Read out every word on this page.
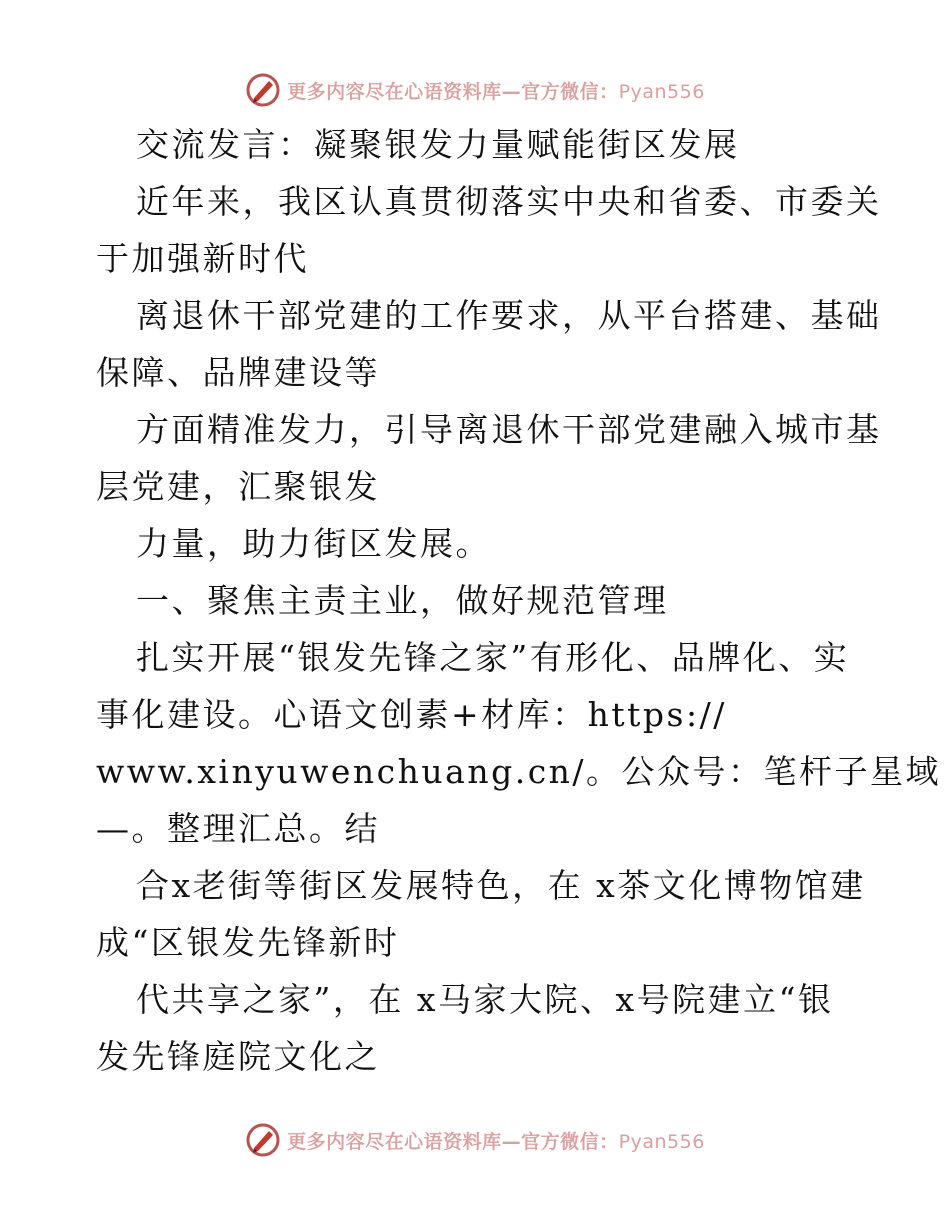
更多内容尽在心语资料库—官方微信：Pyan556
交流发言：凝聚银发力量赋能街区发展
近年来，我区认真贯彻落实中央和省委、市委关
于加强新时代
离退休干部党建的工作要求，从平台搭建、基础
保障、品牌建设等
方面精准发力，引导离退休干部党建融入城市基
层党建，汇聚银发
力量，助力街区发展。
一、聚焦主责主业，做好规范管理
扎实开展“银发先锋之家”有形化、品牌化、实
事化建设。心语文创素+材库：https://
www.xinyuwenchuang.cn/。公众号：笔杆子星域
—。整理汇总。结
合x老街等街区发展特色，在 x茶文化博物馆建
成“区银发先锋新时
代共享之家”，在 x马家大院、x号院建立“银
发先锋庭院文化之
更多内容尽在心语资料库—官方微信：Pyan556
